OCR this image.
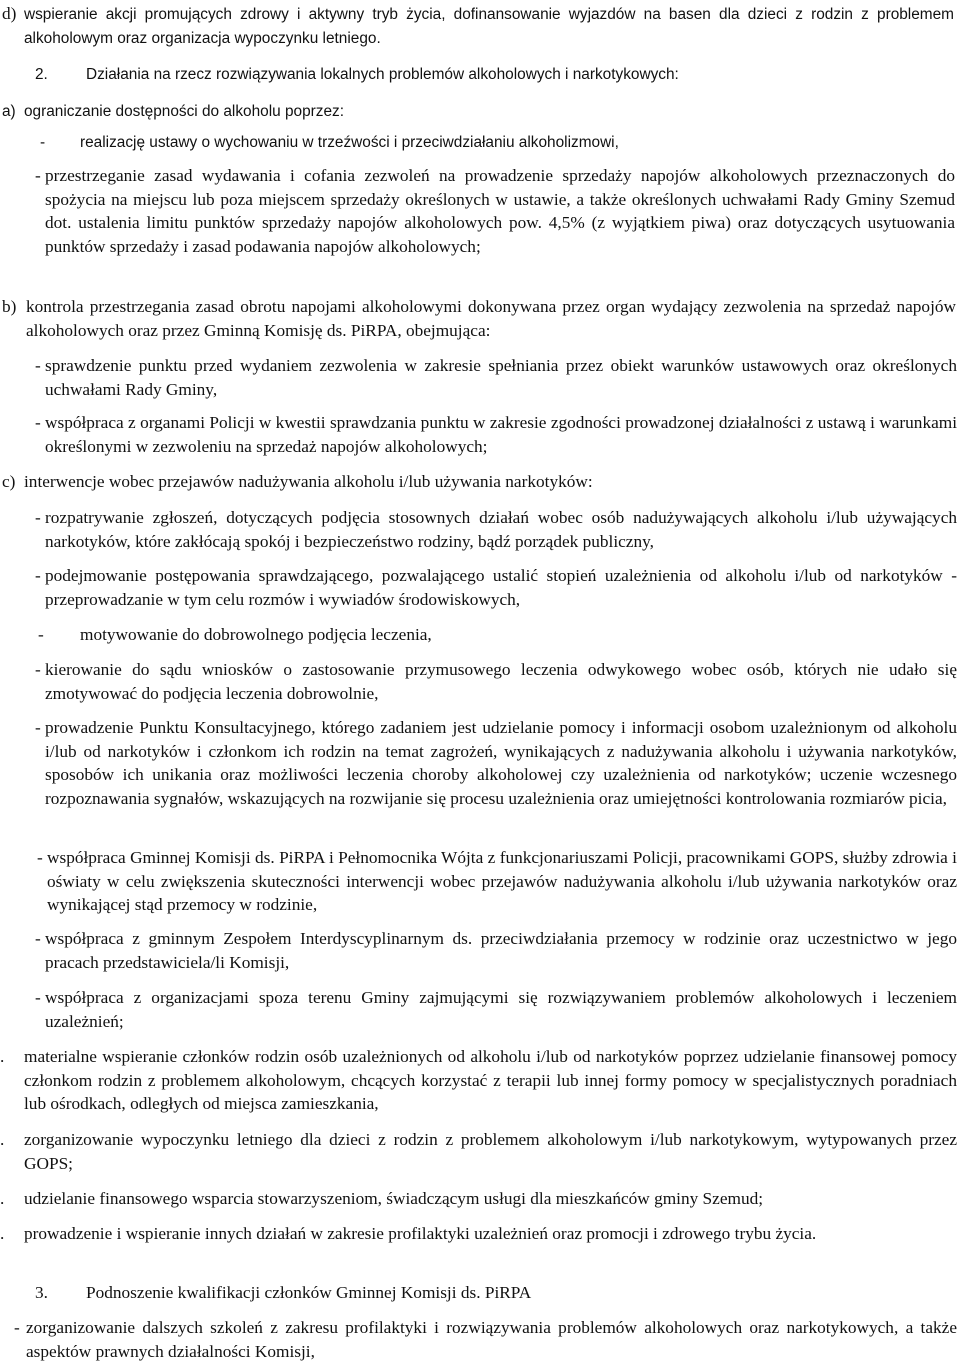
d) wspieranie akcji promujących zdrowy i aktywny tryb życia, dofinansowanie wyjazdów na basen dla dzieci z rodzin z problemem alkoholowym oraz organizacja wypoczynku letniego.
2. Działania na rzecz rozwiązywania lokalnych problemów alkoholowych i narkotykowych:
a) ograniczanie dostępności do alkoholu poprzez:
- realizację ustawy o wychowaniu w trzeźwości i przeciwdziałaniu alkoholizmowi,
- przestrzeganie zasad wydawania i cofania zezwoleń na prowadzenie sprzedaży napojów alkoholowych przeznaczonych do spożycia na miejscu lub poza miejscem sprzedaży określonych w ustawie, a także określonych uchwałami Rady Gminy Szemud dot. ustalenia limitu punktów sprzedaży napojów alkoholowych pow. 4,5% (z wyjątkiem piwa) oraz dotyczących usytuowania punktów sprzedaży i zasad podawania napojów alkoholowych;
b) kontrola przestrzegania zasad obrotu napojami alkoholowymi dokonywana przez organ wydający zezwolenia na sprzedaż napojów alkoholowych oraz przez Gminną Komisję ds. PiRPA, obejmująca:
- sprawdzenie punktu przed wydaniem zezwolenia w zakresie spełniania przez obiekt warunków ustawowych oraz określonych uchwałami Rady Gminy,
- współpraca z organami Policji w kwestii sprawdzania punktu w zakresie zgodności prowadzonej działalności z ustawą i warunkami określonymi w zezwoleniu na sprzedaż napojów alkoholowych;
c) interwencje wobec przejawów nadużywania alkoholu i/lub używania narkotyków:
- rozpatrywanie zgłoszeń, dotyczących podjęcia stosownych działań wobec osób nadużywających alkoholu i/lub używających narkotyków, które zakłócają spokój i bezpieczeństwo rodziny, bądź porządek publiczny,
- podejmowanie postępowania sprawdzającego, pozwalającego ustalić stopień uzależnienia od alkoholu i/lub od narkotyków - przeprowadzanie w tym celu rozmów i wywiadów środowiskowych,
- motywowanie do dobrowolnego podjęcia leczenia,
- kierowanie do sądu wniosków o zastosowanie przymusowego leczenia odwykowego wobec osób, których nie udało się zmotywować do podjęcia leczenia dobrowolnie,
- prowadzenie Punktu Konsultacyjnego, którego zadaniem jest udzielanie pomocy i informacji osobom uzależnionym od alkoholu i/lub od narkotyków i członkom ich rodzin na temat zagrożeń, wynikających z nadużywania alkoholu i używania narkotyków, sposobów ich unikania oraz możliwości leczenia choroby alkoholowej czy uzależnienia od narkotyków; uczenie wczesnego rozpoznawania sygnałów, wskazujących na rozwijanie się procesu uzależnienia oraz umiejętności kontrolowania rozmiarów picia,
- współpraca Gminnej Komisji ds. PiRPA i Pełnomocnika Wójta z funkcjonariuszami Policji, pracownikami GOPS, służby zdrowia i oświaty w celu zwiększenia skuteczności interwencji wobec przejawów nadużywania alkoholu i/lub używania narkotyków oraz wynikającej stąd przemocy w rodzinie,
- współpraca z gminnym Zespołem Interdyscyplinarnym ds. przeciwdziałania przemocy w rodzinie oraz uczestnictwo w jego pracach przedstawiciela/li Komisji,
- współpraca z organizacjami spoza terenu Gminy zajmującymi się rozwiązywaniem problemów alkoholowych i leczeniem uzależnień;
. materialne wspieranie członków rodzin osób uzależnionych od alkoholu i/lub od narkotyków poprzez udzielanie finansowej pomocy członkom rodzin z problemem alkoholowym, chcących korzystać z terapii lub innej formy pomocy w specjalistycznych poradniach lub ośrodkach, odległych od miejsca zamieszkania,
. zorganizowanie wypoczynku letniego dla dzieci z rodzin z problemem alkoholowym i/lub narkotykowym, wytypowanych przez GOPS;
. udzielanie finansowego wsparcia stowarzyszeniom, świadczącym usługi dla mieszkańców gminy Szemud;
. prowadzenie i wspieranie innych działań w zakresie profilaktyki uzależnień oraz promocji i zdrowego trybu życia.
3. Podnoszenie kwalifikacji członków Gminnej Komisji ds. PiRPA
- zorganizowanie dalszych szkoleń z zakresu profilaktyki i rozwiązywania problemów alkoholowych oraz narkotykowych, a także aspektów prawnych działalności Komisji,
